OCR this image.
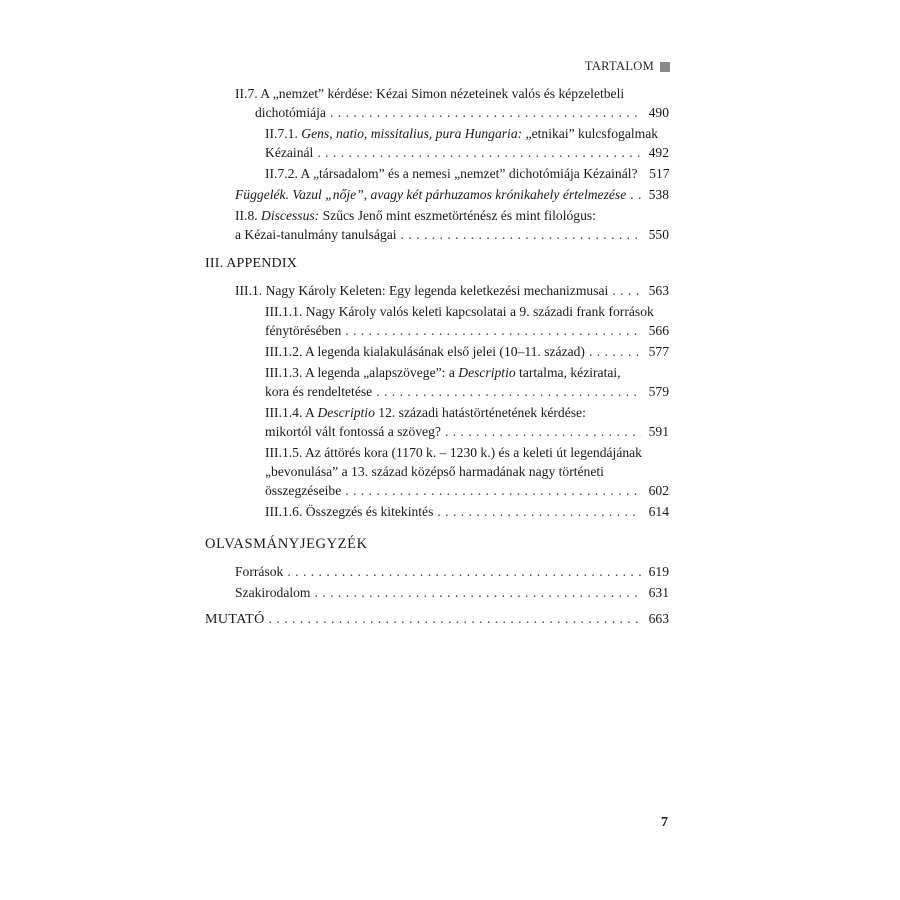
TARTALOM
II.7. A „nemzet” kérdése: Kézai Simon nézeteinek valós és képzeletbeli
dichotómiája . . .	490
II.7.1. Gens, natio, missitalius, pura Hungaria: „etnikai” kulcsfogalmak
Kézainál . . .	492
II.7.2. A „társadalom” és a nemesi „nemzet” dichotómiája Kézainál? 517
Függelék. Vazul „nője”, avagy két párhuzamos krónikahely értelmezése . . . 538
II.8. Discessus: Szűcs Jenő mint eszmetörténész és mint filológus:
a Kézai-tanulmány tanulságai . . .	550
III. APPENDIX
III.1. Nagy Károly Keleten: Egy legenda keletkezési mechanizmusai . . .	563
III.1.1. Nagy Károly valós keleti kapcsolatai a 9. századi frank források
fénytörésében . . .	566
III.1.2. A legenda kialakulásának első jelei (10–11. század) . . .	577
III.1.3. A legenda „alapszövege”: a Descriptio tartalma, kéziratai,
kora és rendeltetése . . .	579
III.1.4. A Descriptio 12. századi hatástörténetének kérdése:
mikortól vált fontossá a szöveg? . . .	591
III.1.5. Az áttörés kora (1170 k. – 1230 k.) és a keleti út legendájának
„bevonulása” a 13. század középső harmadának nagy történeti
összegzéseibe . . .	602
III.1.6. Összegzés és kitekintés . . .	614
OLVASMÁNYJEGYZÉK
Források . . .	619
Szakirodalom . . .	631
MUTATÓ . . .	663
7
